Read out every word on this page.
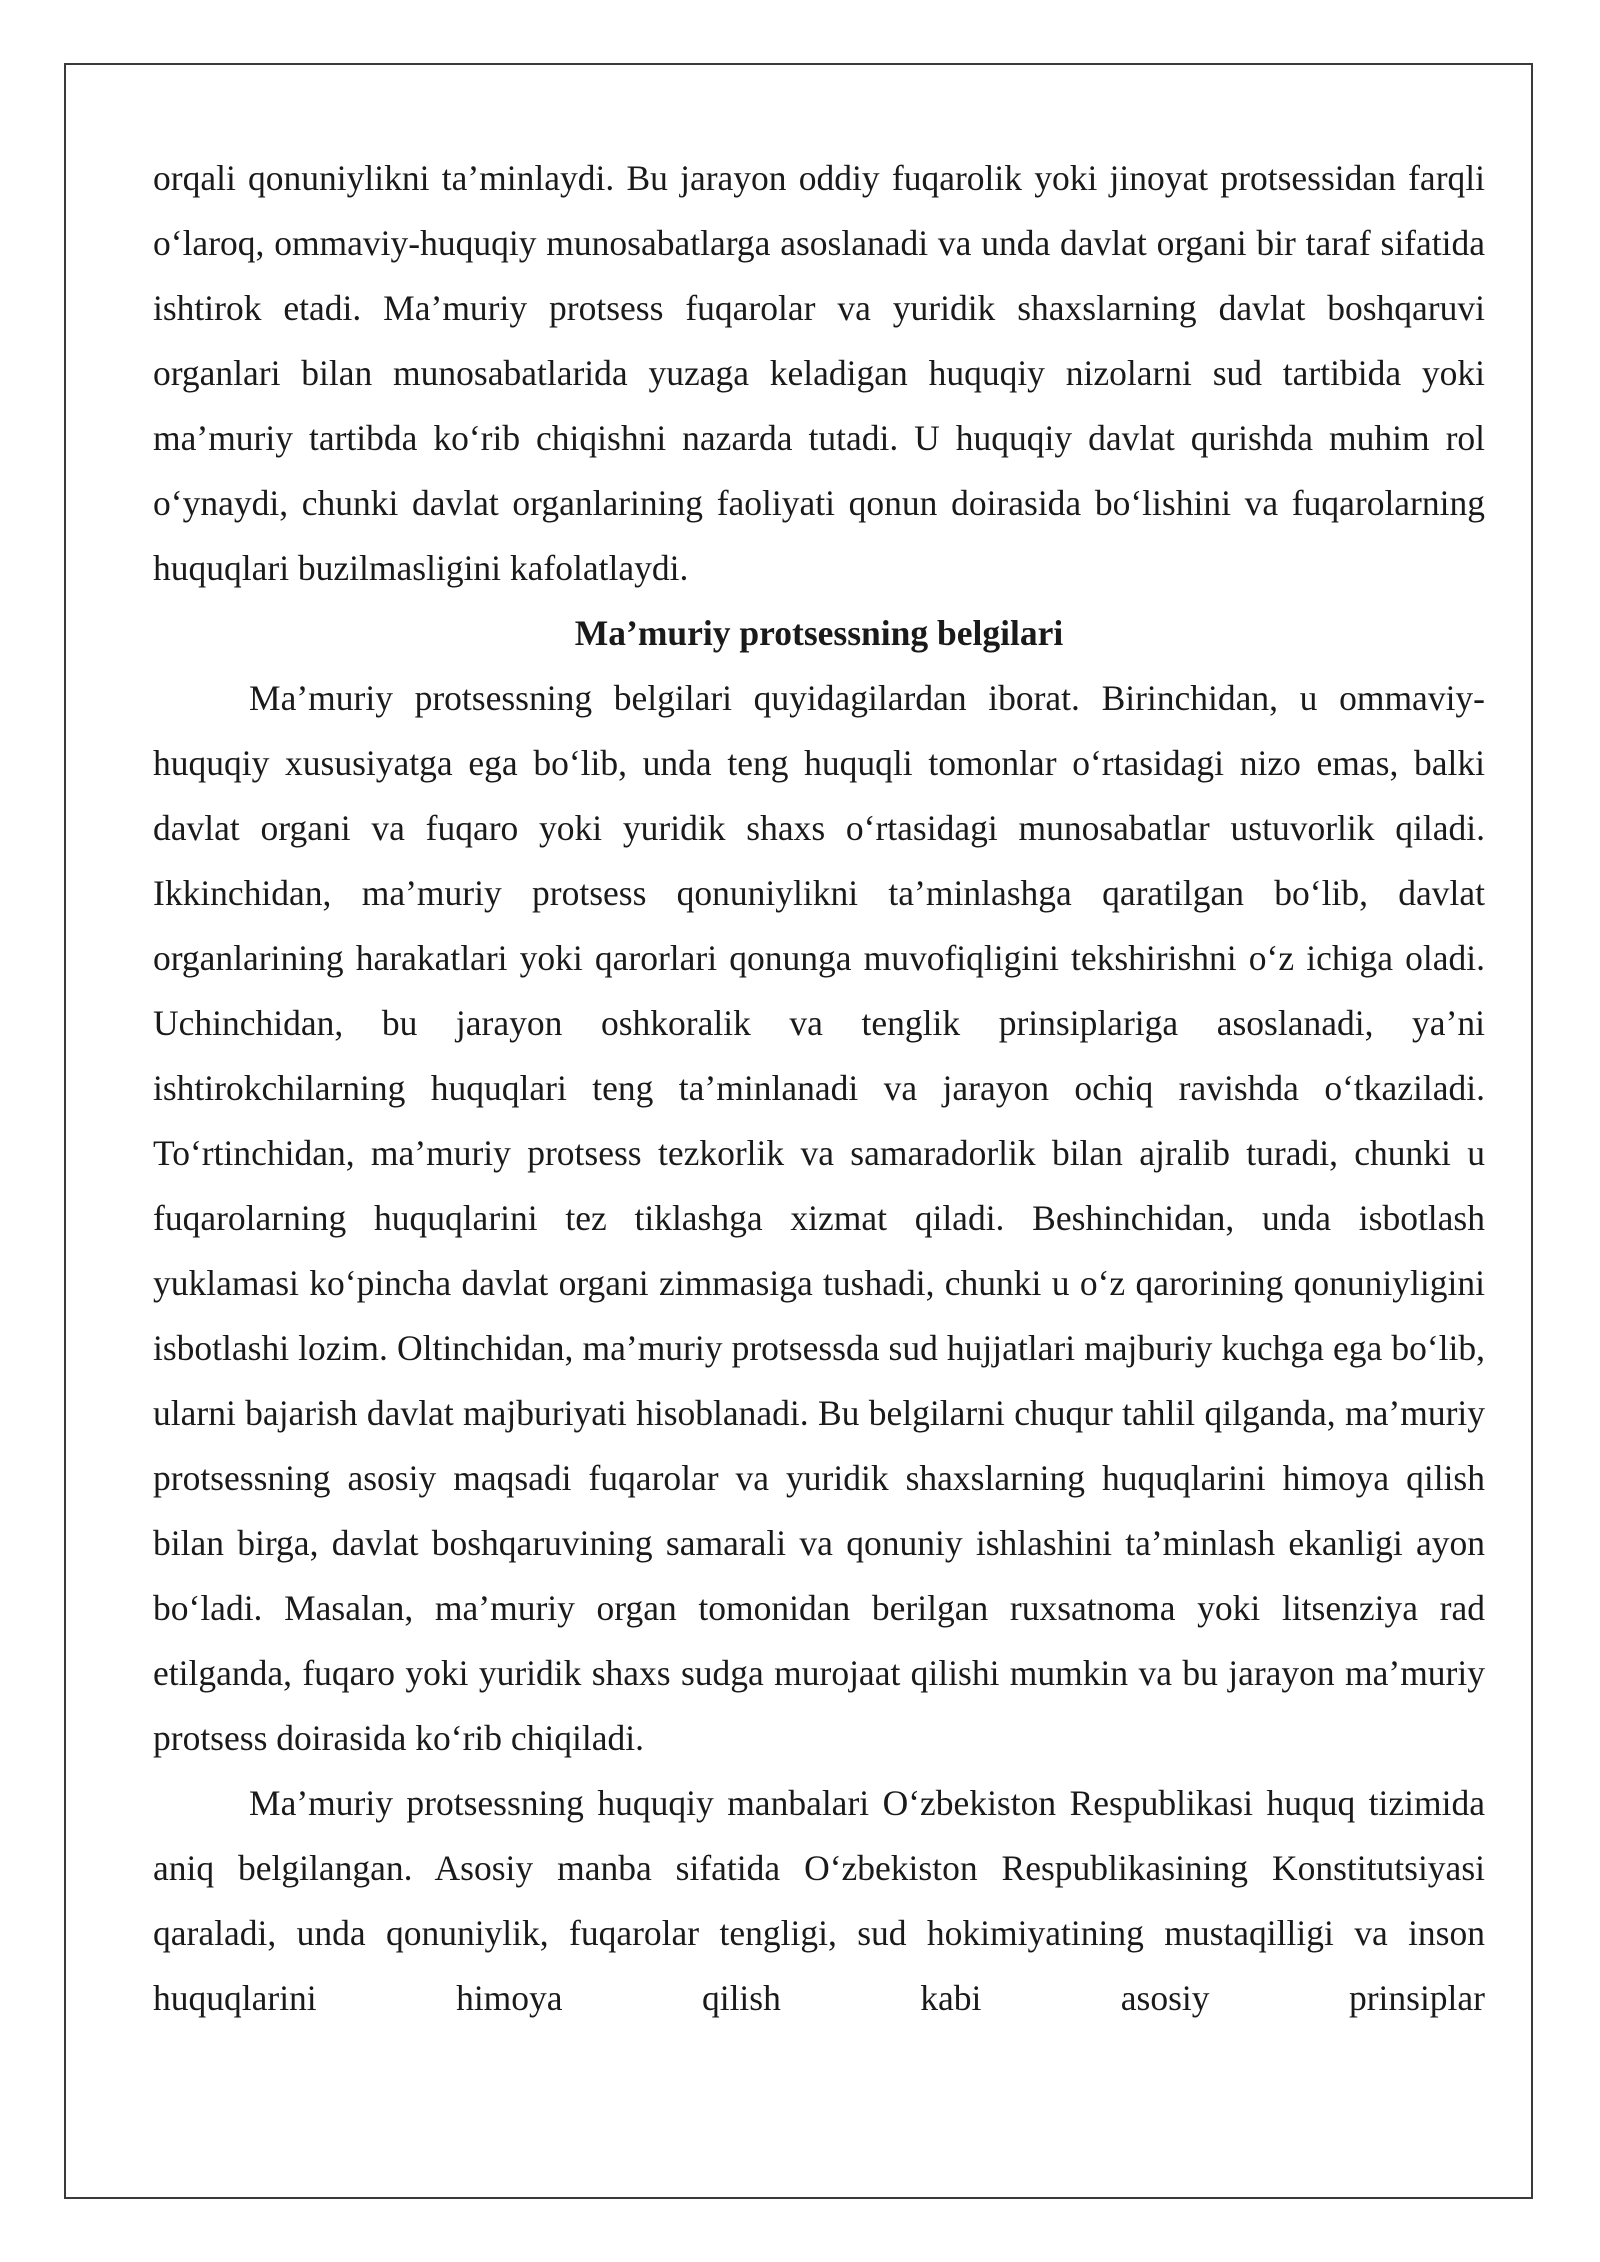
orqali qonuniylikni ta’minlaydi. Bu jarayon oddiy fuqarolik yoki jinoyat protsessidan farqli o‘laroq, ommaviy-huquqiy munosabatlarga asoslanadi va unda davlat organi bir taraf sifatida ishtirok etadi. Ma’muriy protsess fuqarolar va yuridik shaxslarning davlat boshqaruvi organlari bilan munosabatlarida yuzaga keladigan huquqiy nizolarni sud tartibida yoki ma’muriy tartibda ko‘rib chiqishni nazarda tutadi. U huquqiy davlat qurishda muhim rol o‘ynaydi, chunki davlat organlarining faoliyati qonun doirasida bo‘lishini va fuqarolarning huquqlari buzilmasligini kafolatlaydi.

Ma’muriy protsessning belgilari

Ma’muriy protsessning belgilari quyidagilardan iborat. Birinchidan, u ommaviy-huquqiy xususiyatga ega bo‘lib, unda teng huquqli tomonlar o‘rtasidagi nizo emas, balki davlat organi va fuqaro yoki yuridik shaxs o‘rtasidagi munosabatlar ustuvorlik qiladi. Ikkinchidan, ma’muriy protsess qonuniylikni ta’minlashga qaratilgan bo‘lib, davlat organlarining harakatlari yoki qarorlari qonunga muvofiqligini tekshirishni o‘z ichiga oladi. Uchinchidan, bu jarayon oshkoralik va tenglik prinsiplariga asoslanadi, ya’ni ishtirokchilarning huquqlari teng ta’minlanadi va jarayon ochiq ravishda o‘tkaziladi. To‘rtinchidan, ma’muriy protsess tezkorlik va samaradorlik bilan ajralib turadi, chunki u fuqarolarning huquqlarini tez tiklashga xizmat qiladi. Beshinchidan, unda isbotlash yuklamasi ko‘pincha davlat organi zimmasiga tushadi, chunki u o‘z qarorining qonuniyligini isbotlashi lozim. Oltinchidan, ma’muriy protsessda sud hujjatlari majburiy kuchga ega bo‘lib, ularni bajarish davlat majburiyati hisoblanadi. Bu belgilarni chuqur tahlil qilganda, ma’muriy protsessning asosiy maqsadi fuqarolar va yuridik shaxslarning huquqlarini himoya qilish bilan birga, davlat boshqaruvining samarali va qonuniy ishlashini ta’minlash ekanligi ayon bo‘ladi. Masalan, ma’muriy organ tomonidan berilgan ruxsatnoma yoki litsenziya rad etilganda, fuqaro yoki yuridik shaxs sudga murojaat qilishi mumkin va bu jarayon ma’muriy protsess doirasida ko‘rib chiqiladi.

Ma’muriy protsessning huquqiy manbalari O‘zbekiston Respublikasi huquq tizimida aniq belgilangan. Asosiy manba sifatida O‘zbekiston Respublikasining Konstitutsiyasi qaraladi, unda qonuniylik, fuqarolar tengligi, sud hokimiyatining mustaqilligi va inson huquqlarini himoya qilish kabi asosiy prinsiplar
